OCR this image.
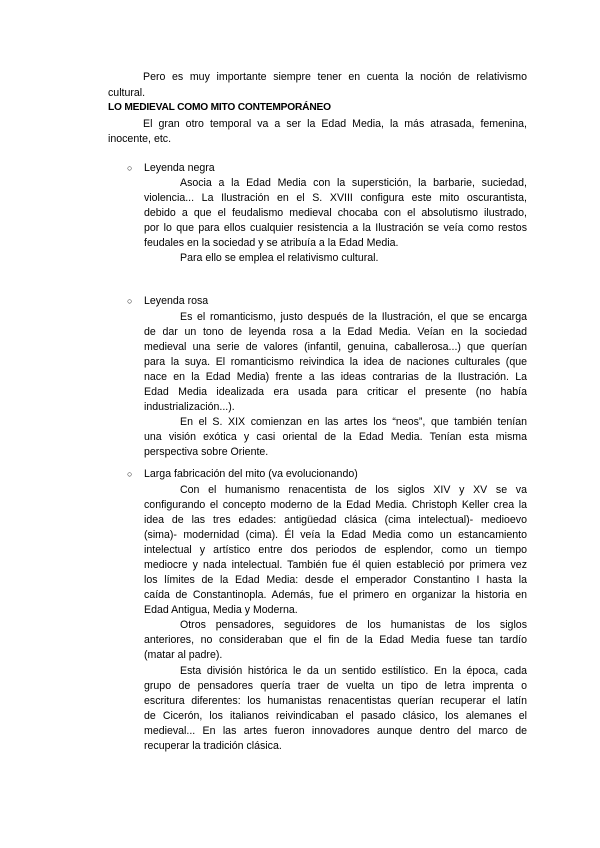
Pero es muy importante siempre tener en cuenta la noción de relativismo
cultural.
LO MEDIEVAL COMO MITO CONTEMPORÁNEO
El gran otro temporal va a ser la Edad Media, la más atrasada, femenina,
inocente, etc.
○ Leyenda negra
Asocia a la Edad Media con la superstición, la barbarie, suciedad,
violencia... La Ilustración en el S. XVIII configura este mito oscurantista,
debido a que el feudalismo medieval chocaba con el absolutismo ilustrado,
por lo que para ellos cualquier resistencia a la Ilustración se veía como restos
feudales en la sociedad y se atribuía a la Edad Media.
Para ello se emplea el relativismo cultural.
○ Leyenda rosa
Es el romanticismo, justo después de la Ilustración, el que se encarga
de dar un tono de leyenda rosa a la Edad Media. Veían en la sociedad
medieval una serie de valores (infantil, genuina, caballerosa...) que querían
para la suya. El romanticismo reivindica la idea de naciones culturales (que
nace en la Edad Media) frente a las ideas contrarias de la Ilustración. La
Edad Media idealizada era usada para criticar el presente (no había
industrialización...).
En el S. XIX comienzan en las artes los “neos”, que también tenían
una visión exótica y casi oriental de la Edad Media. Tenían esta misma
perspectiva sobre Oriente.
○ Larga fabricación del mito (va evolucionando)
Con el humanismo renacentista de los siglos XIV y XV se va
configurando el concepto moderno de la Edad Media. Christoph Keller crea la
idea de las tres edades: antigüedad clásica (cima intelectual)- medioevo
(sima)- modernidad (cima). Él veía la Edad Media como un estancamiento
intelectual y artístico entre dos periodos de esplendor, como un tiempo
mediocre y nada intelectual. También fue él quien estableció por primera vez
los límites de la Edad Media: desde el emperador Constantino I hasta la
caída de Constantinopla. Además, fue el primero en organizar la historia en
Edad Antigua, Media y Moderna.
Otros pensadores, seguidores de los humanistas de los siglos
anteriores, no consideraban que el fin de la Edad Media fuese tan tardío
(matar al padre).
Esta división histórica le da un sentido estilístico. En la época, cada
grupo de pensadores quería traer de vuelta un tipo de letra imprenta o
escritura diferentes: los humanistas renacentistas querían recuperar el latín
de Cicerón, los italianos reivindicaban el pasado clásico, los alemanes el
medieval... En las artes fueron innovadores aunque dentro del marco de
recuperar la tradición clásica.
